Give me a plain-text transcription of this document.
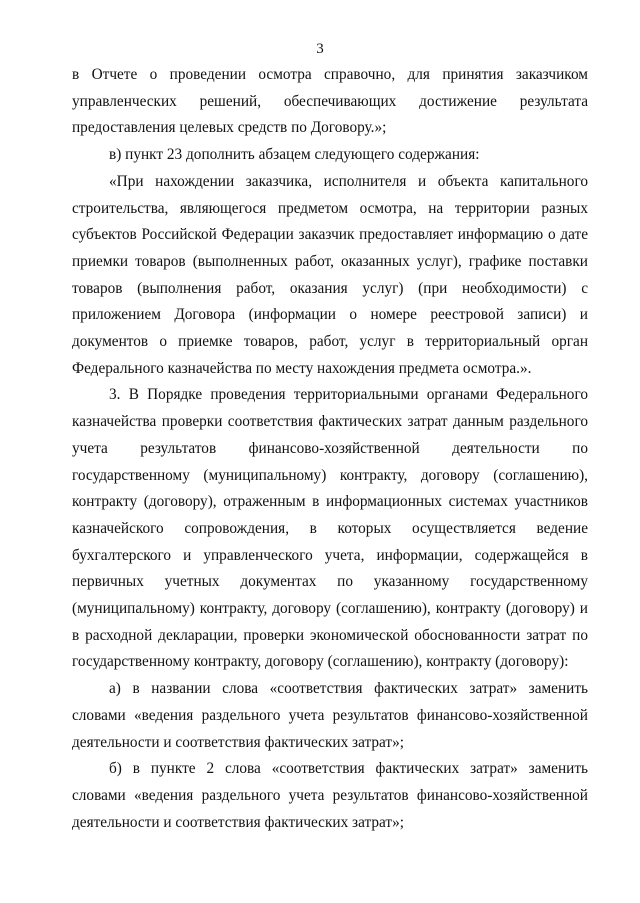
3

в Отчете о проведении осмотра справочно, для принятия заказчиком управленческих решений, обеспечивающих достижение результата предоставления целевых средств по Договору.»;

в) пункт 23 дополнить абзацем следующего содержания:

«При нахождении заказчика, исполнителя и объекта капитального строительства, являющегося предметом осмотра, на территории разных субъектов Российской Федерации заказчик предоставляет информацию о дате приемки товаров (выполненных работ, оказанных услуг), графике поставки товаров (выполнения работ, оказания услуг) (при необходимости) с приложением Договора (информации о номере реестровой записи) и документов о приемке товаров, работ, услуг в территориальный орган Федерального казначейства по месту нахождения предмета осмотра.».

3. В Порядке проведения территориальными органами Федерального казначейства проверки соответствия фактических затрат данным раздельного учета результатов финансово-хозяйственной деятельности по государственному (муниципальному) контракту, договору (соглашению), контракту (договору), отраженным в информационных системах участников казначейского сопровождения, в которых осуществляется ведение бухгалтерского и управленческого учета, информации, содержащейся в первичных учетных документах по указанному государственному (муниципальному) контракту, договору (соглашению), контракту (договору) и в расходной декларации, проверки экономической обоснованности затрат по государственному контракту, договору (соглашению), контракту (договору):

а) в названии слова «соответствия фактических затрат» заменить словами «ведения раздельного учета результатов финансово-хозяйственной деятельности и соответствия фактических затрат»;

б) в пункте 2 слова «соответствия фактических затрат» заменить словами «ведения раздельного учета результатов финансово-хозяйственной деятельности и соответствия фактических затрат»;
